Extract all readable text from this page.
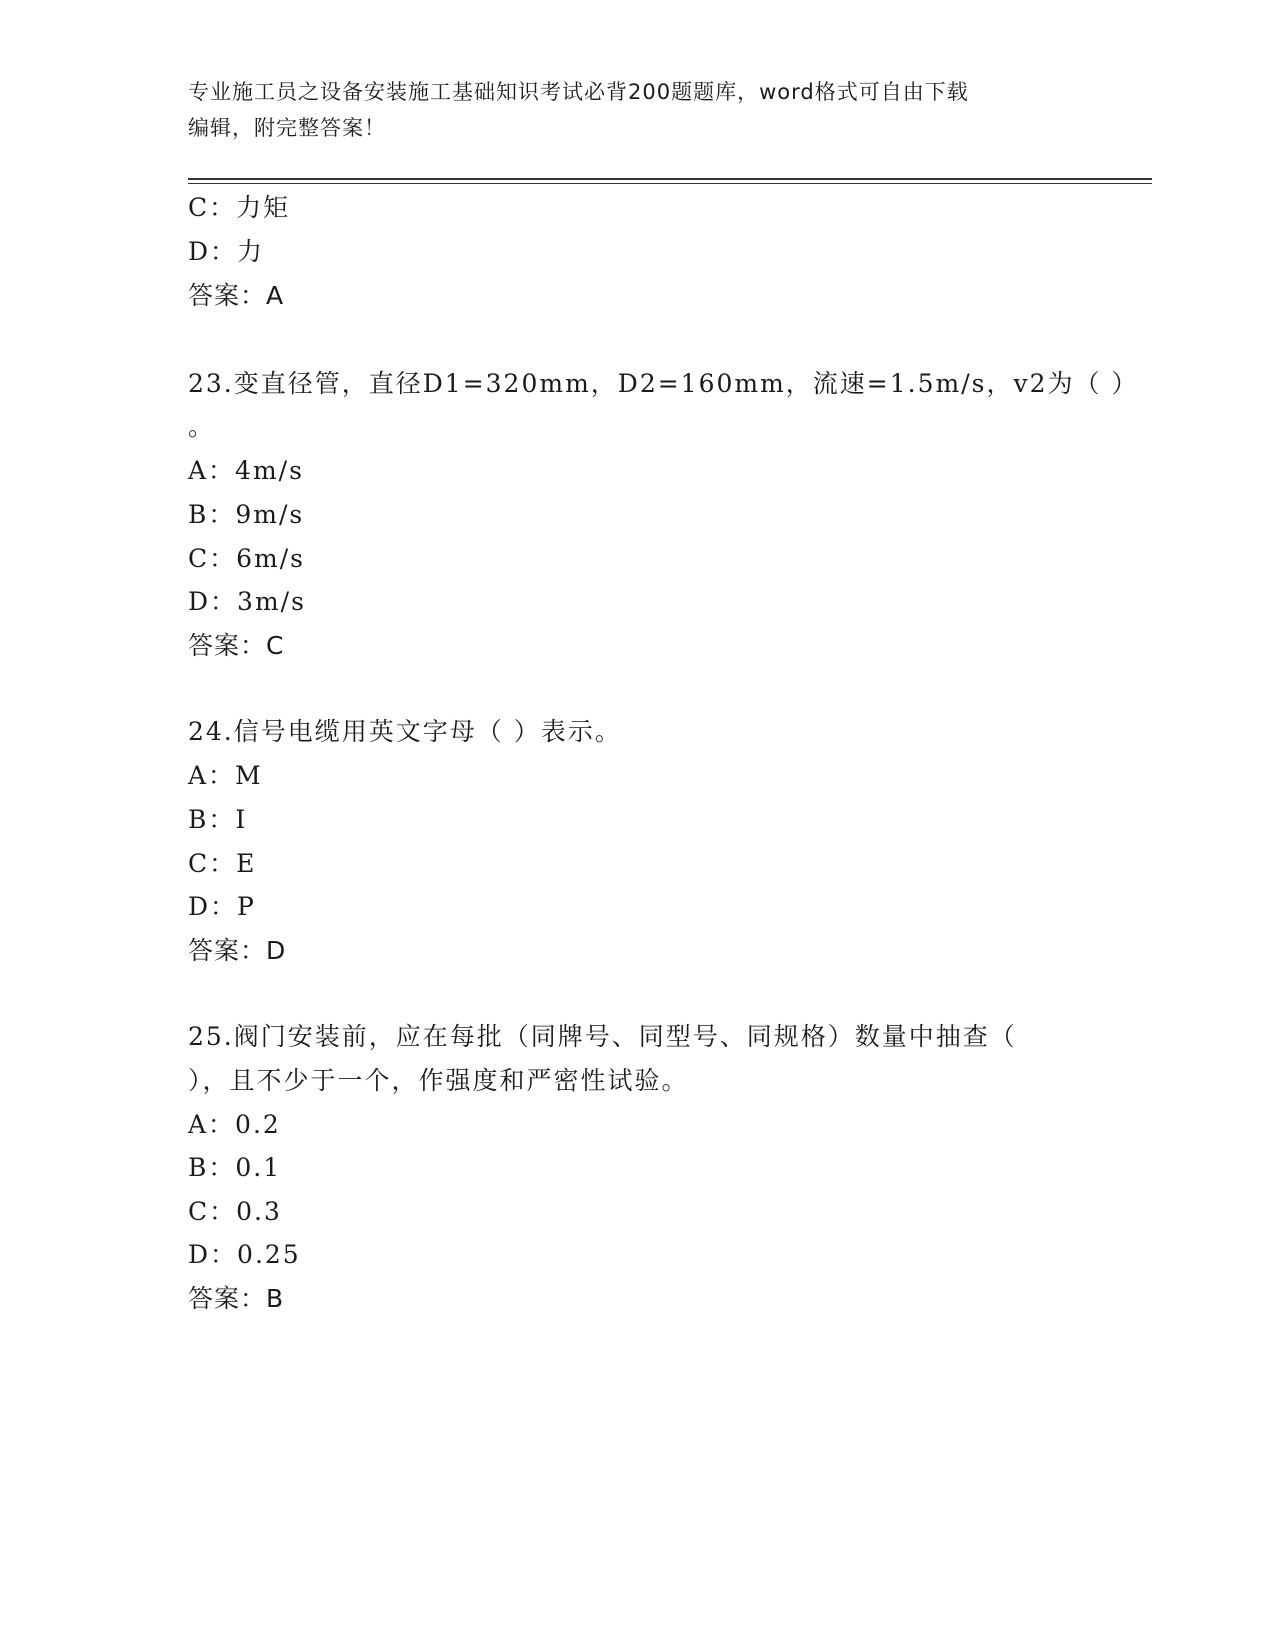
专业施工员之设备安装施工基础知识考试必背200题题库，word格式可自由下载
编辑，附完整答案！
C：力矩
D：力
答案：A
23.变直径管，直径D1=320mm，D2=160mm，流速=1.5m/s，v2为（ ）
。
A：4m/s
B：9m/s
C：6m/s
D：3m/s
答案：C
24.信号电缆用英文字母（ ）表示。
A：M
B：I
C：E
D：P
答案：D
25.阀门安装前，应在每批（同牌号、同型号、同规格）数量中抽查（
），且不少于一个，作强度和严密性试验。
A：0.2
B：0.1
C：0.3
D：0.25
答案：B
